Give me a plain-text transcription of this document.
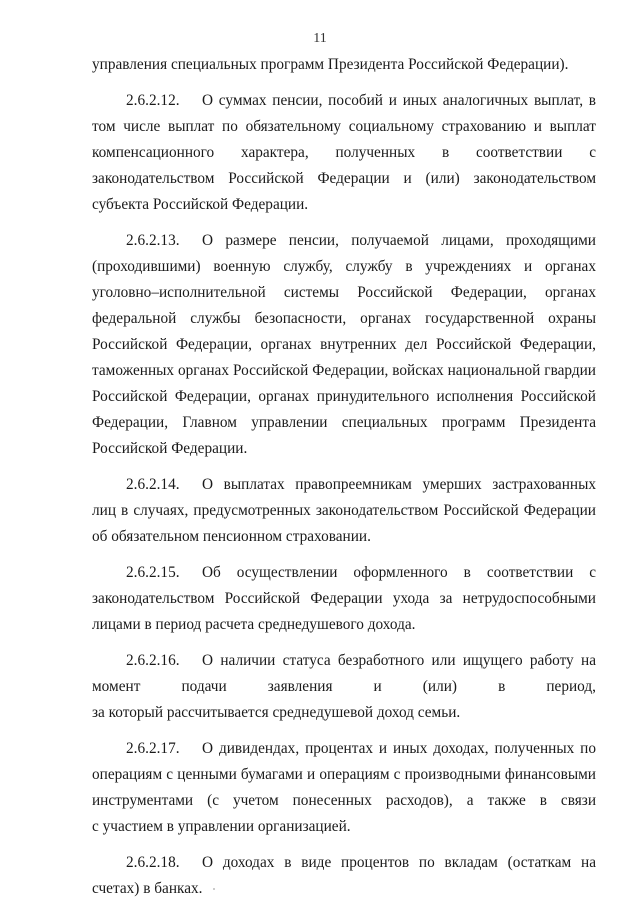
11
управления специальных программ Президента Российской Федерации).
2.6.2.12. О суммах пенсии, пособий и иных аналогичных выплат, в
том числе выплат по обязательному социальному страхованию и выплат
компенсационного характера, полученных в соответствии с
законодательством Российской Федерации и (или) законодательством
субъекта Российской Федерации.
2.6.2.13. О размере пенсии, получаемой лицами, проходящими
(проходившими) военную службу, службу в учреждениях и органах
уголовно–исполнительной системы Российской Федерации, органах
федеральной службы безопасности, органах государственной охраны
Российской Федерации, органах внутренних дел Российской Федерации,
таможенных органах Российской Федерации, войсках национальной гвардии
Российской Федерации, органах принудительного исполнения Российской
Федерации, Главном управлении специальных программ Президента
Российской Федерации.
2.6.2.14. О выплатах правопреемникам умерших застрахованных
лиц в случаях, предусмотренных законодательством Российской Федерации
об обязательном пенсионном страховании.
2.6.2.15. Об осуществлении оформленного в соответствии с
законодательством Российской Федерации ухода за нетрудоспособными
лицами в период расчета среднедушевого дохода.
2.6.2.16. О наличии статуса безработного или ищущего работу на
момент подачи заявления и (или) в период,
за который рассчитывается среднедушевой доход семьи.
2.6.2.17. О дивидендах, процентах и иных доходах, полученных по
операциям с ценными бумагами и операциям с производными финансовыми
инструментами (с учетом понесенных расходов), а также в связи
с участием в управлении организацией.
2.6.2.18. О доходах в виде процентов по вкладам (остаткам на
счетах) в банках.
